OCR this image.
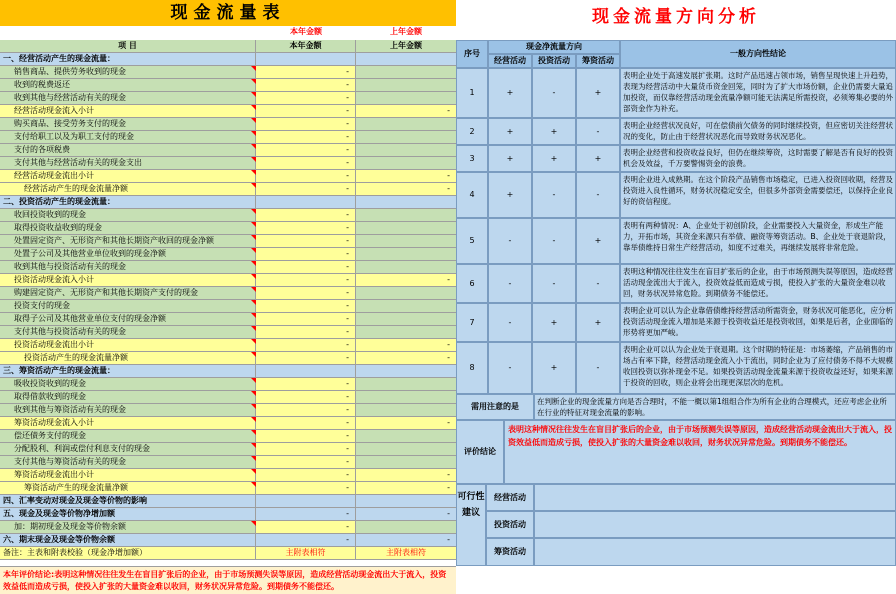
现金流量表
本年金额	上年金额
项 目	本年金额	上年金额
一、经营活动产生的现金流量：
销售商品、提供劳务收到的现金	-
收到的税费返还	-
收到其他与经营活动有关的现金	-
经营活动现金流入小计	-	-
购买商品、接受劳务支付的现金	-
支付给职工以及为职工支付的现金	-
支付的各项税费	-
支付其他与经营活动有关的现金支出	-
经营活动现金流出小计	-	-
经营活动产生的现金流量净额	-	-
二、投资活动产生的现金流量：
收回投资收到的现金	-
取得投资收益收到的现金	-
处置固定资产、无形资产和其他长期资产收回的现金净额	-
处置子公司及其他营业单位收到的现金净额	-
收到其他与投资活动有关的现金	-
投资活动现金流入小计	-	-
购建固定资产、无形资产和其他长期资产支付的现金	-
投资支付的现金	-
取得子公司及其他营业单位支付的现金净额	-
支付其他与投资活动有关的现金	-
投资活动现金流出小计	-	-
投资活动产生的现金流量净额	-	-
三、筹资活动产生的现金流量：
吸收投资收到的现金	-
取得借款收到的现金	-
收到其他与筹资活动有关的现金	-
筹资活动现金流入小计	-	-
偿还债务支付的现金	-
分配股利、利润或偿付利息支付的现金	-
支付其他与筹资活动有关的现金	-
筹资活动现金流出小计	-	-
筹资活动产生的现金流量净额	-	-
四、汇率变动对现金及现金等价物的影响
五、现金及现金等价物净增加额	-	-
加：期初现金及现金等价物余额	-
六、期末现金及现金等价物余额	-	-
备注：主表和附表校验（现金净增加额）	主附表相符	主附表相符
本年评价结论:表明这种情况往往发生在盲目扩张后的企业，由于市场预测失误等原因，造成经营活动现金流出大于流入，投资效益低而造成亏损，使投入扩张的大量资金难以收回，财务状况异常危险。到期债务不能偿还。
现金流量方向分析
序号
现金净流量方向
经营活动	投资活动	筹资活动
一般方向性结论
1	+	-	+
表明企业处于高速发展扩张期。这时产品迅速占领市场，销售呈现快速上升趋势，表现为经营活动中大量货币资金回笼，同时为了扩大市场份额，企业仍需要大量追加投资，而仅靠经营活动现金流量净额可能无法满足所需投资，必须筹集必要的外部资金作为补充。
2	+	+	-
表明企业经营状况良好，可在偿债前欠债务的同时继续投资，但应密切关注经营状况的变化，防止由于经营状况恶化而导致财务状况恶化。
3	+	+	+
表明企业经营和投资收益良好，但仍在继续筹资，这时需要了解是否有良好的投资机会及效益，千万要警惕资金的浪费。
4	+	-	-
表明企业进入成熟期。在这个阶段产品销售市场稳定，已进入投资回收期，经营及投资进入良性循环，财务状况稳定安全，但很多外部资金需要偿还，以保持企业良好的资信程度。
5	-	-	+
表明有两种情况：A、企业处于初创阶段，企业需要投入大量资金，形成生产能力，开拓市场，其资金来源只有举债、融资等筹资活动。B、企业处于衰退阶段，靠举债维持日常生产经营活动，如度不过难关，再继续发展将非常危险。
6	-	-	-
表明这种情况往往发生在盲目扩张后的企业，由于市场预测失误等原因，造成经营活动现金流出大于流入，投资效益低而造成亏损，使投入扩张的大量资金难以收回，财务状况异常危险。到期债务不能偿还。
7	-	+	+
表明企业可以认为企业靠借债维持经营活动所需资金，财务状况可能恶化，应分析投资活动现金流入增加是来源于投资收益还是投资收回，如果是后者，企业面临的形势将更加严峻。
8	-	+	-
表明企业可以认为企业处于衰退期。这个时期的特征是：市场萎缩，产品销售的市场占有率下降，经营活动现金流入小于流出，同时企业为了应付债务不得不大规模收回投资以弥补现金不足。如果投资活动现金流量来源于投资收益还好，如果来源于投资的回收，则企业将会出现更深层次的危机。
需用注意的是
在判断企业的现金流量方向是否合理时，不能一概以第1组组合作为所有企业的合理模式，还应考虑企业所在行业的特征对现金流量的影响。
评价结论
表明这种情况往往发生在盲目扩张后的企业，由于市场预测失误等原因，造成经营活动现金流出大于流入，投资效益低而造成亏损，使投入扩张的大量资金难以收回，财务状况异常危险。到期债务不能偿还。
可行性建议
经营活动
投资活动
筹资活动
